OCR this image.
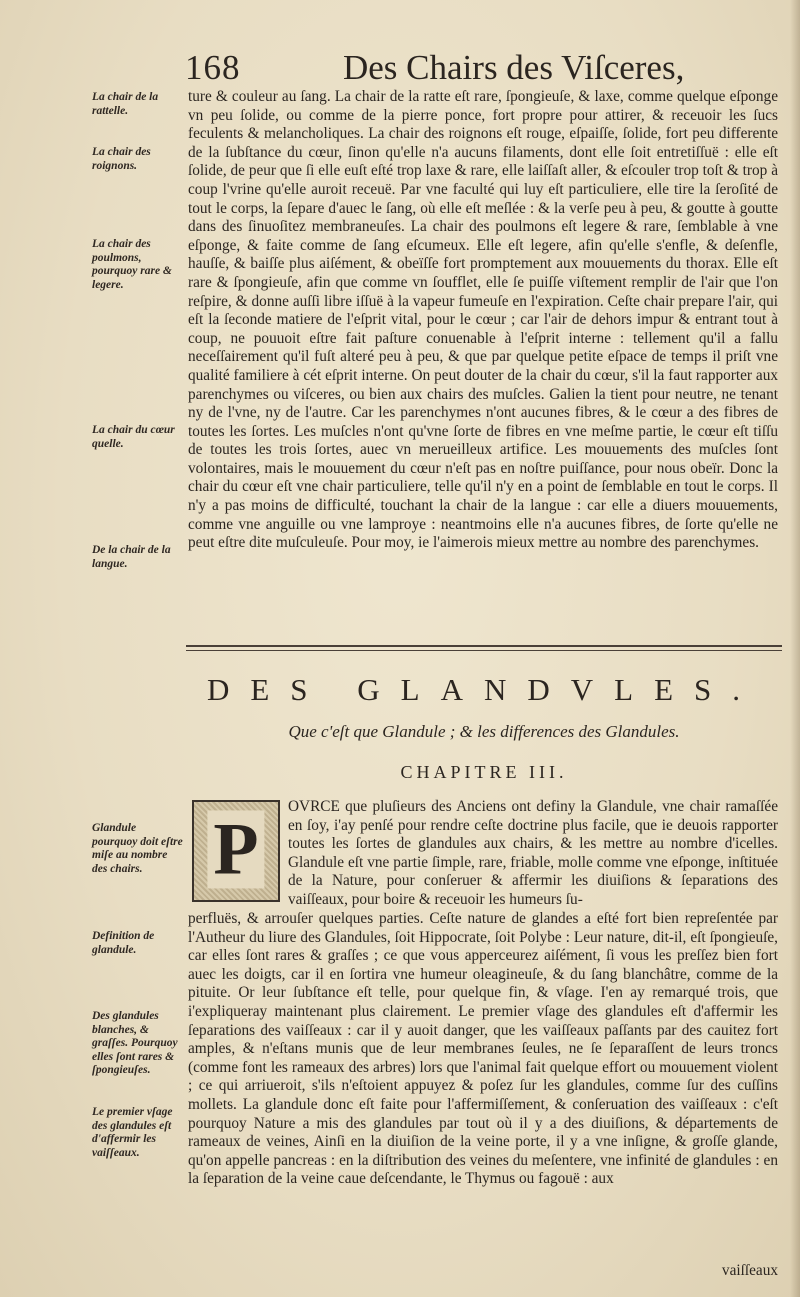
168	Des Chairs des Viſceres,

La chair de la rattelle.

La chair des roignons.

La chair des poulmons, pourquoy rare & legere.

La chair du cœur quelle.

De la chair de la langue.

ture & couleur au ſang. La chair de la ratte eſt rare, ſpongieuſe, & laxe, comme quelque eſponge vn peu ſolide, ou comme de la pierre ponce, fort propre pour attirer, & receuoir les ſucs feculents & melancholiques. La chair des roignons eſt rouge, eſpaiſſe, ſolide, fort peu differente de la ſubſtance du cœur, ſinon qu'elle n'a aucuns filaments, dont elle ſoit entretiſſuë : elle eſt ſolide, de peur que ſi elle euſt eſté trop laxe & rare, elle laiſſaſt aller, & eſcouler trop toſt & trop à coup l'vrine qu'elle auroit receuë. Par vne faculté qui luy eſt particuliere, elle tire la ſeroſité de tout le corps, la ſepare d'auec le ſang, où elle eſt meſlée : & la verſe peu à peu, & goutte à goutte dans des ſinuoſitez membraneuſes. La chair des poulmons eſt legere & rare, ſemblable à vne eſponge, & faite comme de ſang eſcumeux. Elle eſt legere, afin qu'elle s'enfle, & deſenfle, hauſſe, & baiſſe plus aiſément, & obeïſſe fort promptement aux mouuements du thorax. Elle eſt rare & ſpongieuſe, afin que comme vn ſoufflet, elle ſe puiſſe viſtement remplir de l'air que l'on reſpire, & donne auſſi libre iſſuë à la vapeur fumeuſe en l'expiration. Ceſte chair prepare l'air, qui eſt la ſeconde matiere de l'eſprit vital, pour le cœur ; car l'air de dehors impur & entrant tout à coup, ne pouuoit eſtre fait paſture conuenable à l'eſprit interne : tellement qu'il a fallu neceſſairement qu'il fuſt alteré peu à peu, & que par quelque petite eſpace de temps il priſt vne qualité familiere à cét eſprit interne. On peut douter de la chair du cœur, s'il la faut rapporter aux parenchymes ou viſceres, ou bien aux chairs des muſcles. Galien la tient pour neutre, ne tenant ny de l'vne, ny de l'autre. Car les parenchymes n'ont aucunes fibres, & le cœur a des fibres de toutes les ſortes. Les muſcles n'ont qu'vne ſorte de fibres en vne meſme partie, le cœur eſt tiſſu de toutes les trois ſortes, auec vn merueilleux artifice. Les mouuements des muſcles ſont volontaires, mais le mouuement du cœur n'eſt pas en noſtre puiſſance, pour nous obeïr. Donc la chair du cœur eſt vne chair particuliere, telle qu'il n'y en a point de ſemblable en tout le corps. Il n'y a pas moins de difficulté, touchant la chair de la langue : car elle a diuers mouuements, comme vne anguille ou vne lamproye : neantmoins elle n'a aucunes fibres, de ſorte qu'elle ne peut eſtre dite muſculeuſe. Pour moy, ie l'aimerois mieux mettre au nombre des parenchymes.

DES GLANDVLES.

Que c'eſt que Glandule ; & les differences des Glandules.

CHAPITRE III.

P

Glandule pourquoy doit eſtre miſe au nombre des chairs.

Definition de glandule.

Des glandules blanches, & graſſes. Pourquoy elles ſont rares & ſpongieuſes.

Le premier vſage des glandules eſt d'affermir les vaiſſeaux.

OVRCE que pluſieurs des Anciens ont definy la Glandule, vne chair ramaſſée en ſoy, i'ay penſé pour rendre ceſte doctrine plus facile, que ie deuois rapporter toutes les ſortes de glandules aux chairs, & les mettre au nombre d'icelles. Glandule eſt vne partie ſimple, rare, friable, molle comme vne eſponge, inſtituée de la Nature, pour conſeruer & affermir les diuiſions & ſeparations des vaiſſeaux, pour boire & receuoir les humeurs ſu-

perfluës, & arrouſer quelques parties. Ceſte nature de glandes a eſté fort bien repreſentée par l'Autheur du liure des Glandules, ſoit Hippocrate, ſoit Polybe : Leur nature, dit-il, eſt ſpongieuſe, car elles ſont rares & graſſes ; ce que vous apperceurez aiſément, ſi vous les preſſez bien fort auec les doigts, car il en ſortira vne humeur oleagineuſe, & du ſang blanchâtre, comme de la pituite. Or leur ſubſtance eſt telle, pour quelque fin, & vſage. I'en ay remarqué trois, que i'expliqueray maintenant plus clairement. Le premier vſage des glandules eſt d'affermir les ſeparations des vaiſſeaux : car il y auoit danger, que les vaiſſeaux paſſants par des cauitez fort amples, & n'eſtans munis que de leur membranes ſeules, ne ſe ſeparaſſent de leurs troncs (comme font les rameaux des arbres) lors que l'animal fait quelque effort ou mouuement violent ; ce qui arriueroit, s'ils n'eſtoient appuyez & poſez ſur les glandules, comme ſur des cuſſins mollets. La glandule donc eſt faite pour l'affermiſſement, & conſeruation des vaiſſeaux : c'eſt pourquoy Nature a mis des glandules par tout où il y a des diuiſions, & départements de rameaux de veines, Ainſi en la diuiſion de la veine porte, il y a vne inſigne, & groſſe glande, qu'on appelle pancreas : en la diſtribution des veines du meſentere, vne infinité de glandules : en la ſeparation de la veine caue deſcendante, le Thymus ou fagouë : aux

vaiſſeaux
